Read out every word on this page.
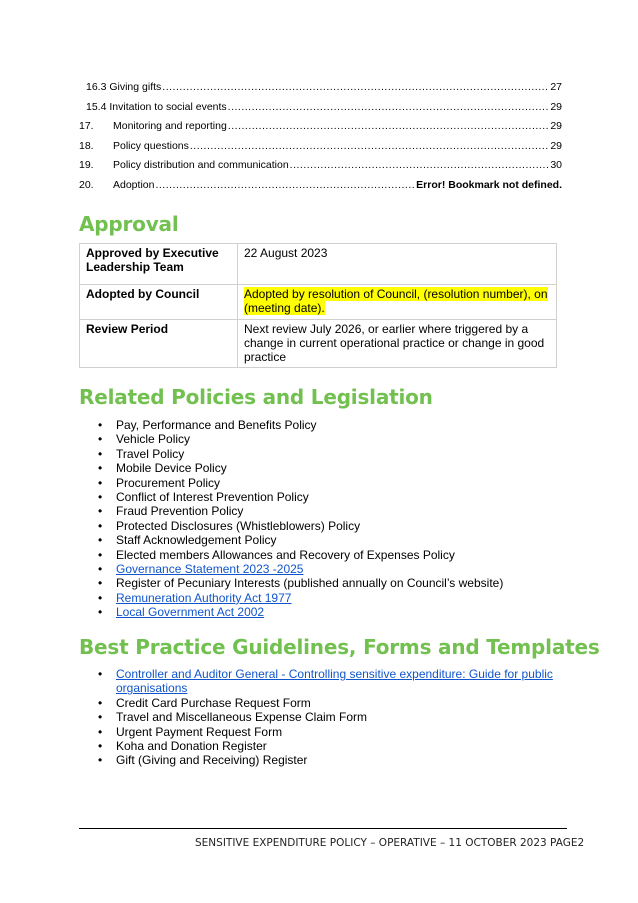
16.3 Giving gifts .....	27
15.4 Invitation to social events .....	29
17.	Monitoring and reporting .....	29
18.	Policy questions .....	29
19.	Policy distribution and communication .....	30
20.	Adoption .....	Error! Bookmark not defined.
Approval
Approved by Executive Leadership Team	22 August 2023
Adopted by Council	Adopted by resolution of Council, (resolution number), on (meeting date).
Review Period	Next review July 2026, or earlier where triggered by a change in current operational practice or change in good practice
Related Policies and Legislation
• Pay, Performance and Benefits Policy
• Vehicle Policy
• Travel Policy
• Mobile Device Policy
• Procurement Policy
• Conflict of Interest Prevention Policy
• Fraud Prevention Policy
• Protected Disclosures (Whistleblowers) Policy
• Staff Acknowledgement Policy
• Elected members Allowances and Recovery of Expenses Policy
• Governance Statement 2023 -2025
• Register of Pecuniary Interests (published annually on Council’s website)
• Remuneration Authority Act 1977
• Local Government Act 2002
Best Practice Guidelines, Forms and Templates
• Controller and Auditor General - Controlling sensitive expenditure: Guide for public organisations
• Credit Card Purchase Request Form
• Travel and Miscellaneous Expense Claim Form
• Urgent Payment Request Form
• Koha and Donation Register
• Gift (Giving and Receiving) Register
SENSITIVE EXPENDITURE POLICY – OPERATIVE – 11 OCTOBER 2023 PAGE2
